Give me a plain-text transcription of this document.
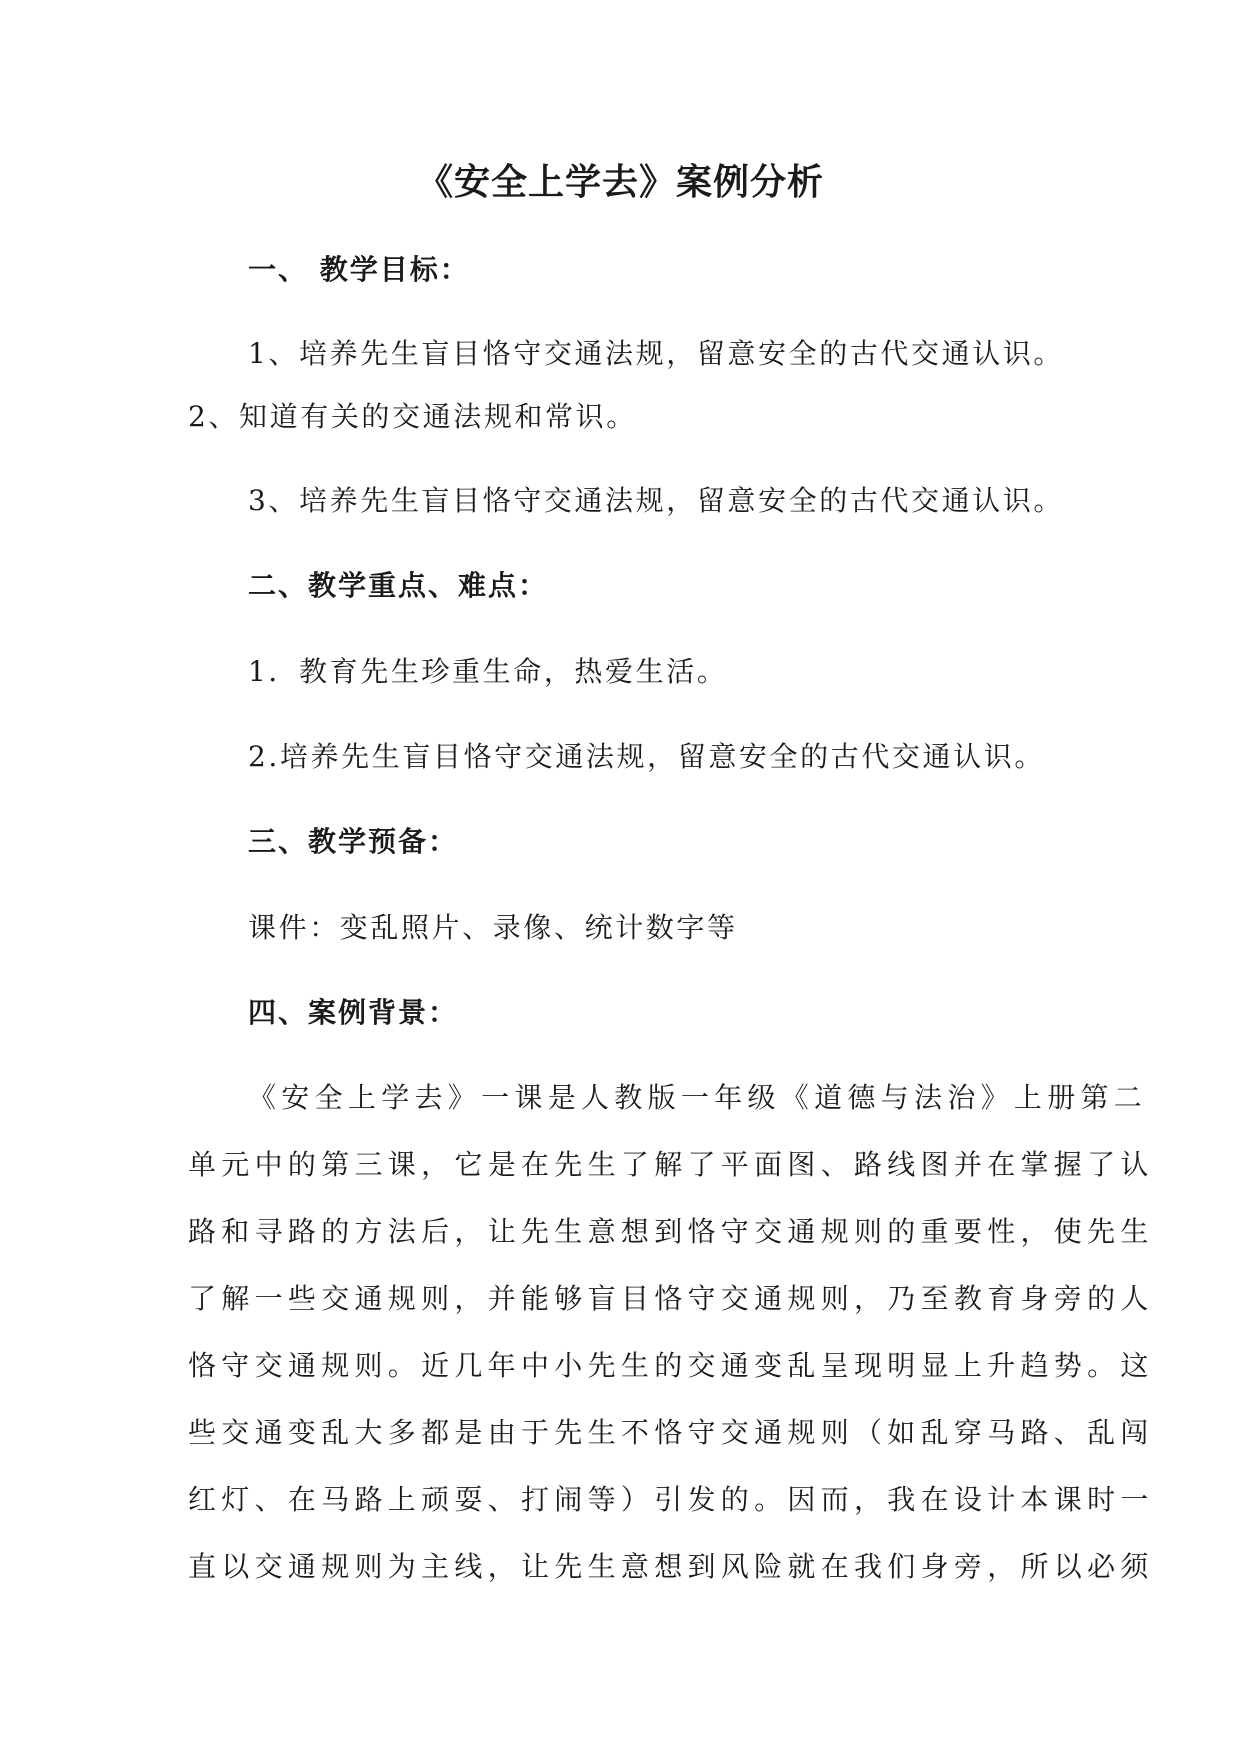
《安全上学去》案例分析
一、 教学目标：
1、培养先生盲目恪守交通法规，留意安全的古代交通认识。
2、知道有关的交通法规和常识。
3、培养先生盲目恪守交通法规，留意安全的古代交通认识。
二、教学重点、难点：
1．教育先生珍重生命，热爱生活。
2.培养先生盲目恪守交通法规，留意安全的古代交通认识。
三、教学预备：
课件：变乱照片、录像、统计数字等
四、案例背景：
《安全上学去》一课是人教版一年级《道德与法治》上册第二
单元中的第三课，它是在先生了解了平面图、路线图并在掌握了认
路和寻路的方法后，让先生意想到恪守交通规则的重要性，使先生
了解一些交通规则，并能够盲目恪守交通规则，乃至教育身旁的人
恪守交通规则。近几年中小先生的交通变乱呈现明显上升趋势。这
些交通变乱大多都是由于先生不恪守交通规则（如乱穿马路、乱闯
红灯、在马路上顽耍、打闹等）引发的。因而，我在设计本课时一
直以交通规则为主线，让先生意想到风险就在我们身旁，所以必须
